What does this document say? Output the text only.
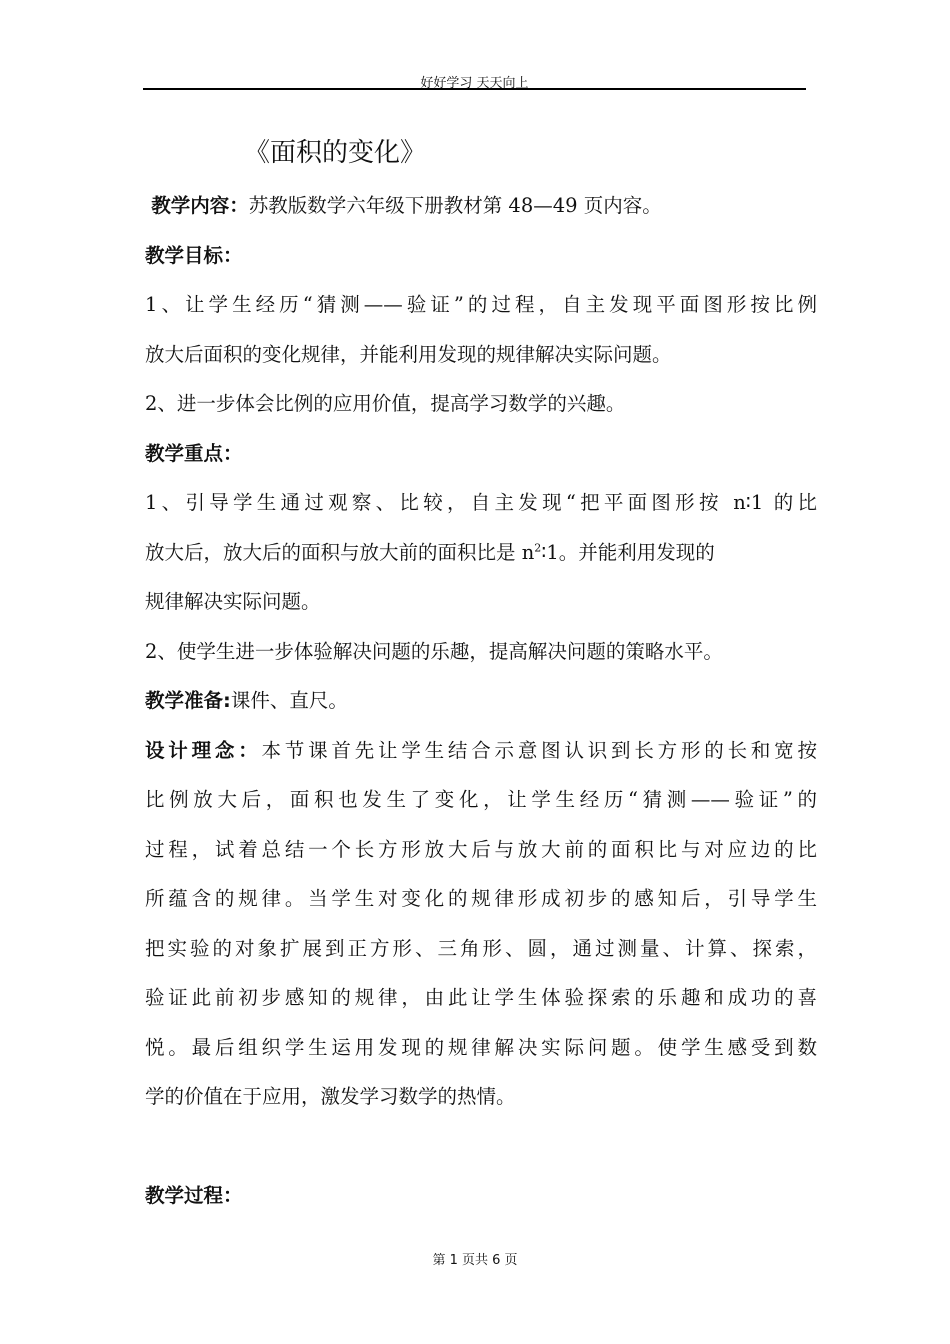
好好学习 天天向上
《面积的变化》
教学内容：苏教版数学六年级下册教材第 48—49 页内容。
教学目标：
1、让学生经历“猜测——验证”的过程，自主发现平面图形按比例
放大后面积的变化规律，并能利用发现的规律解决实际问题。
2、进一步体会比例的应用价值，提高学习数学的兴趣。
教学重点：
1、引导学生通过观察、比较，自主发现“把平面图形按 n∶1 的比
放大后，放大后的面积与放大前的面积比是 $n^2∶1$。并能利用发现的
规律解决实际问题。
2、使学生进一步体验解决问题的乐趣，提高解决问题的策略水平。
教学准备:课件、直尺。
设计理念：本节课首先让学生结合示意图认识到长方形的长和宽按
比例放大后，面积也发生了变化，让学生经历“猜测——验证”的
过程，试着总结一个长方形放大后与放大前的面积比与对应边的比
所蕴含的规律。当学生对变化的规律形成初步的感知后，引导学生
把实验的对象扩展到正方形、三角形、圆，通过测量、计算、探索，
验证此前初步感知的规律，由此让学生体验探索的乐趣和成功的喜
悦。最后组织学生运用发现的规律解决实际问题。使学生感受到数
学的价值在于应用，激发学习数学的热情。
教学过程：
第 1 页共 6 页
